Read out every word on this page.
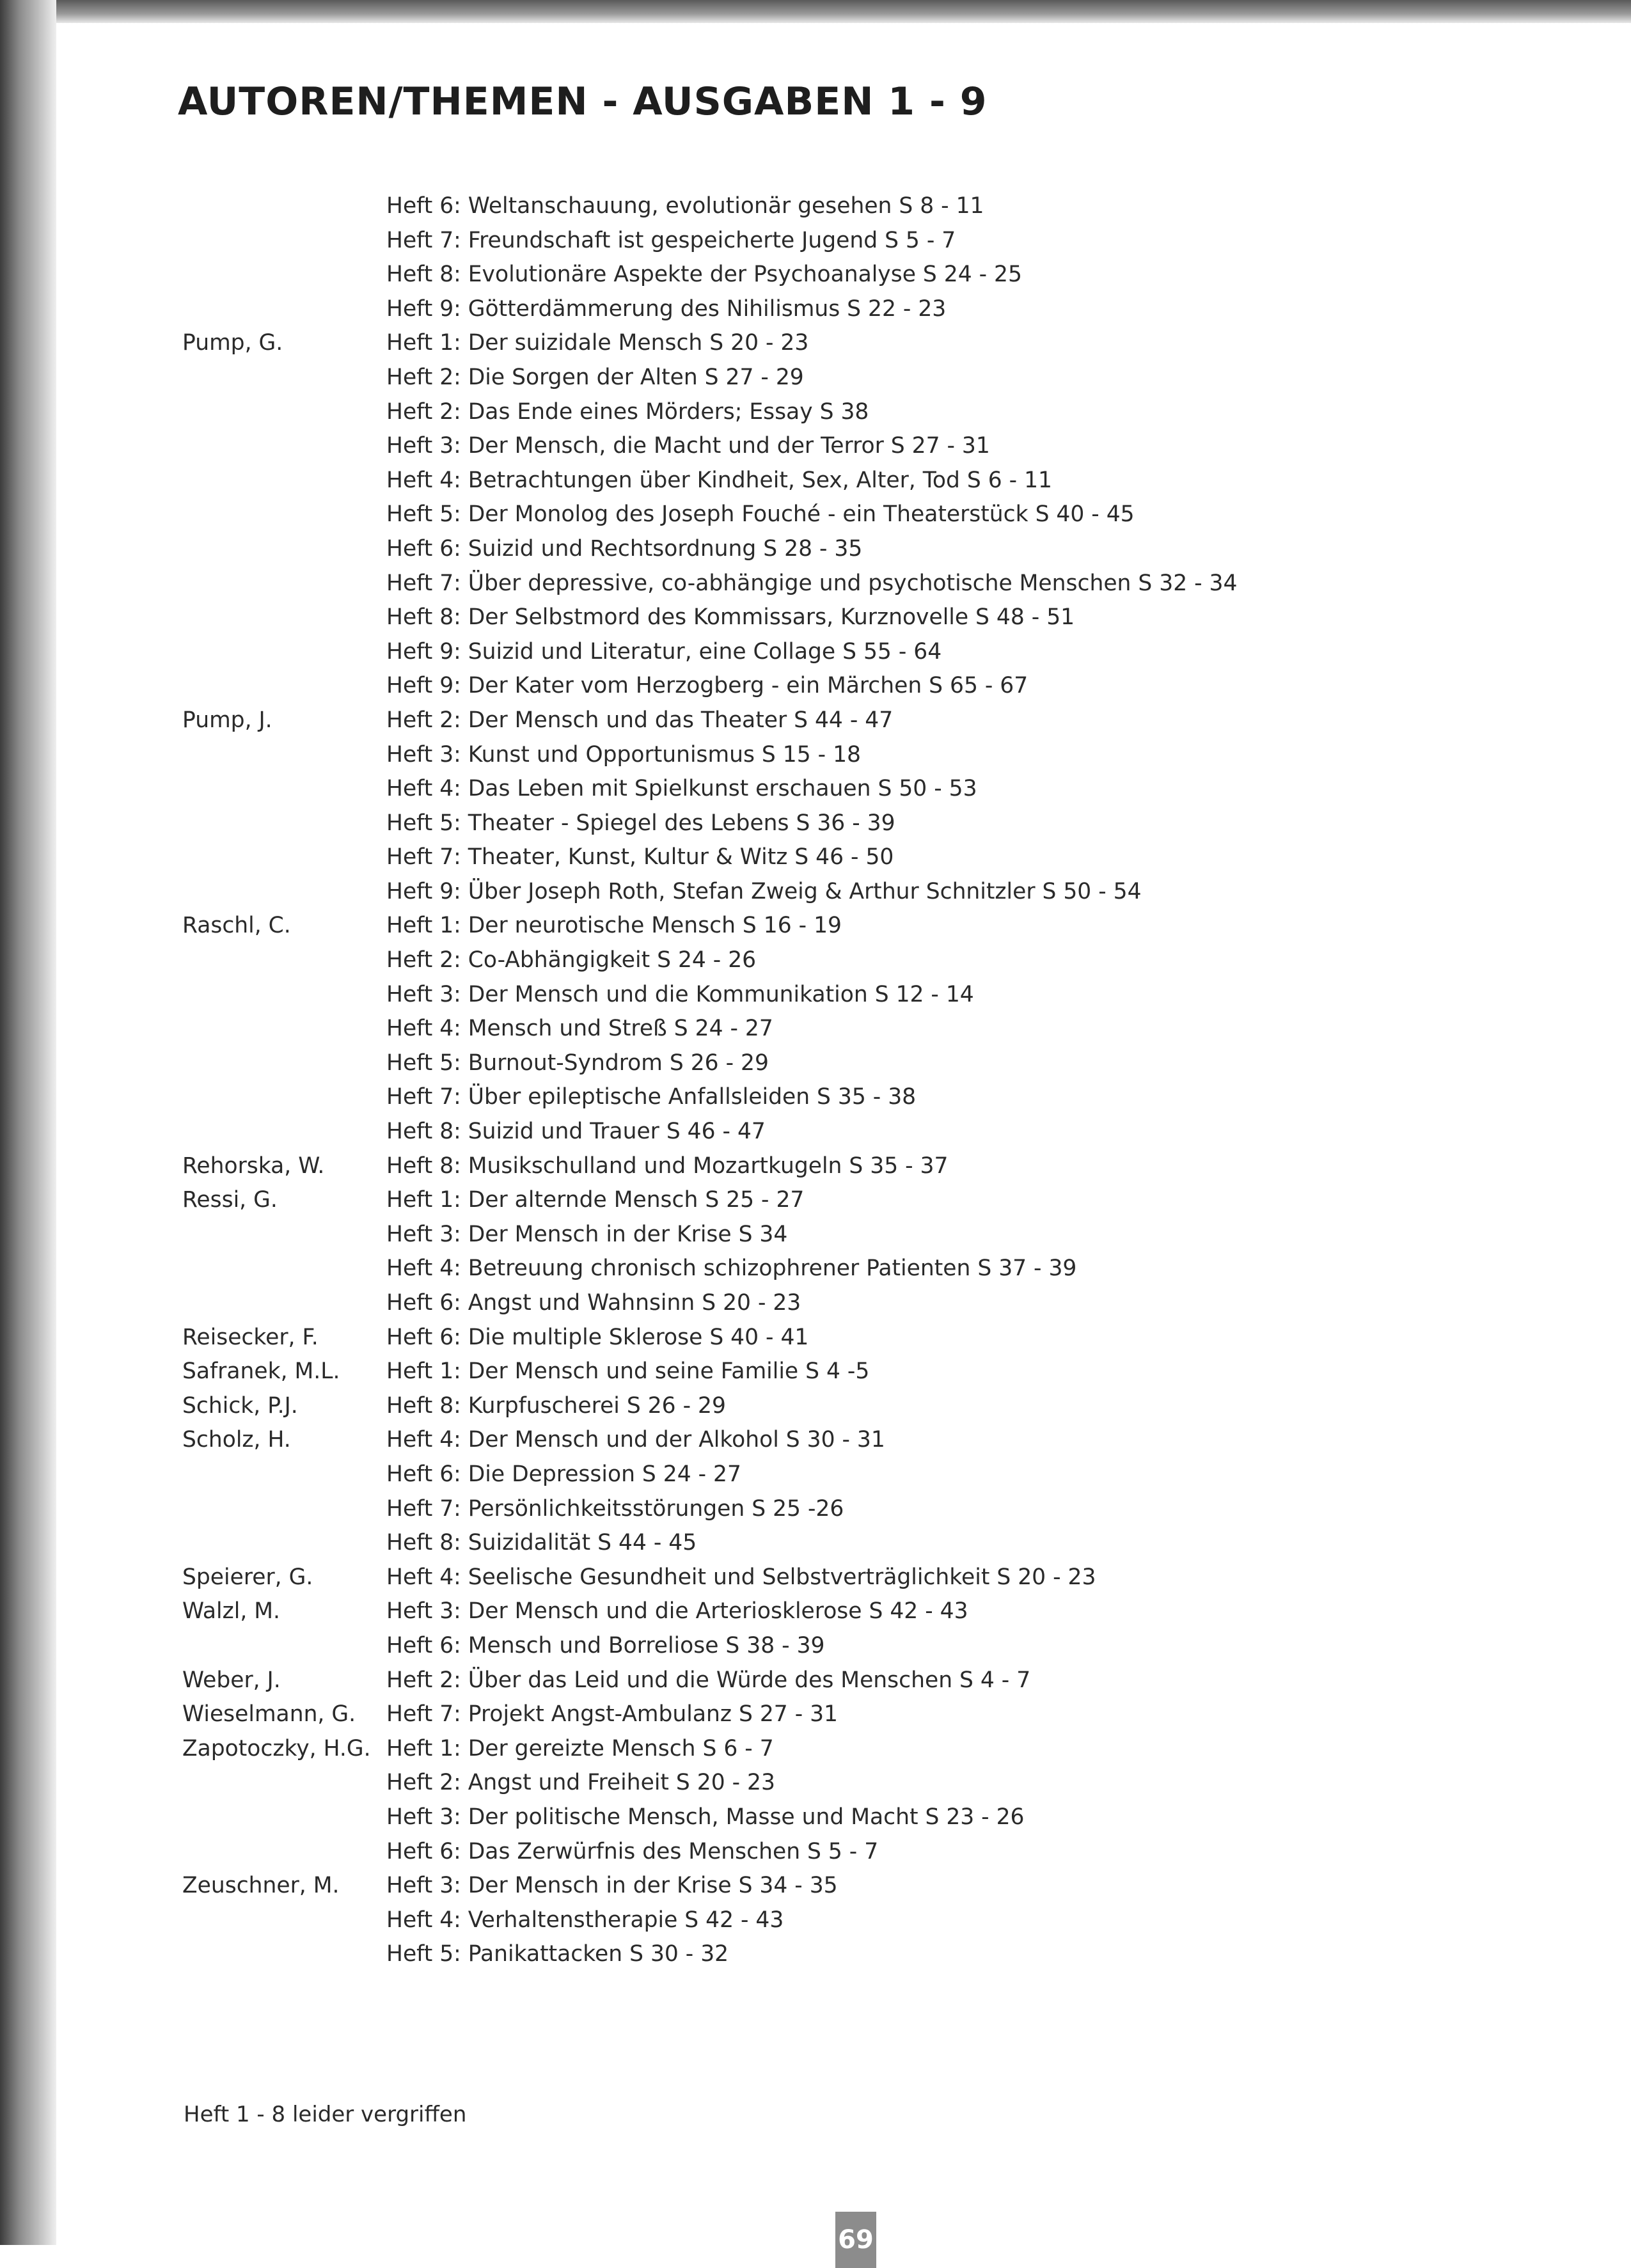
AUTOREN/THEMEN - AUSGABEN 1 - 9
Heft 6: Weltanschauung, evolutionär gesehen S 8 - 11
Heft 7: Freundschaft ist gespeicherte Jugend S 5 - 7
Heft 8: Evolutionäre Aspekte der Psychoanalyse S 24 - 25
Heft 9: Götterdämmerung des Nihilismus S 22 - 23
Pump, G.	Heft 1: Der suizidale Mensch S 20 - 23
Heft 2: Die Sorgen der Alten S 27 - 29
Heft 2: Das Ende eines Mörders; Essay S 38
Heft 3: Der Mensch, die Macht und der Terror S 27 - 31
Heft 4: Betrachtungen über Kindheit, Sex, Alter, Tod S 6 - 11
Heft 5: Der Monolog des Joseph Fouché - ein Theaterstück S 40 - 45
Heft 6: Suizid und Rechtsordnung S 28 - 35
Heft 7: Über depressive, co-abhängige und psychotische Menschen S 32 - 34
Heft 8: Der Selbstmord des Kommissars, Kurznovelle S 48 - 51
Heft 9: Suizid und Literatur, eine Collage S 55 - 64
Heft 9: Der Kater vom Herzogberg - ein Märchen S 65 - 67
Pump, J.	Heft 2: Der Mensch und das Theater S 44 - 47
Heft 3: Kunst und Opportunismus S 15 - 18
Heft 4: Das Leben mit Spielkunst erschauen S 50 - 53
Heft 5: Theater - Spiegel des Lebens S 36 - 39
Heft 7: Theater, Kunst, Kultur & Witz S 46 - 50
Heft 9: Über Joseph Roth, Stefan Zweig & Arthur Schnitzler S 50 - 54
Raschl, C.	Heft 1: Der neurotische Mensch S 16 - 19
Heft 2: Co-Abhängigkeit S 24 - 26
Heft 3: Der Mensch und die Kommunikation S 12 - 14
Heft 4: Mensch und Streß S 24 - 27
Heft 5: Burnout-Syndrom S 26 - 29
Heft 7: Über epileptische Anfallsleiden S 35 - 38
Heft 8: Suizid und Trauer S 46 - 47
Rehorska, W.	Heft 8: Musikschulland und Mozartkugeln S 35 - 37
Ressi, G.	Heft 1: Der alternde Mensch S 25 - 27
Heft 3: Der Mensch in der Krise S 34
Heft 4: Betreuung chronisch schizophrener Patienten S 37 - 39
Heft 6: Angst und Wahnsinn S 20 - 23
Reisecker, F.	Heft 6: Die multiple Sklerose S 40 - 41
Safranek, M.L. Heft 1: Der Mensch und seine Familie S 4 -5
Schick, P.J.	Heft 8: Kurpfuscherei S 26 - 29
Scholz, H.	Heft 4: Der Mensch und der Alkohol S 30 - 31
Heft 6: Die Depression S 24 - 27
Heft 7: Persönlichkeitsstörungen S 25 -26
Heft 8: Suizidalität S 44 - 45
Speierer, G.	Heft 4: Seelische Gesundheit und Selbstverträglichkeit S 20 - 23
Walzl, M.	Heft 3: Der Mensch und die Arteriosklerose S 42 - 43
Heft 6: Mensch und Borreliose S 38 - 39
Weber, J.	Heft 2: Über das Leid und die Würde des Menschen S 4 - 7
Wieselmann, G. Heft 7: Projekt Angst-Ambulanz S 27 - 31
Zapotoczky, H.G. Heft 1: Der gereizte Mensch S 6 - 7
Heft 2: Angst und Freiheit S 20 - 23
Heft 3: Der politische Mensch, Masse und Macht S 23 - 26
Heft 6: Das Zerwürfnis des Menschen S 5 - 7
Zeuschner, M. Heft 3: Der Mensch in der Krise S 34 - 35
Heft 4: Verhaltenstherapie S 42 - 43
Heft 5: Panikattacken S 30 - 32
Heft 1 - 8 leider vergriffen
69
